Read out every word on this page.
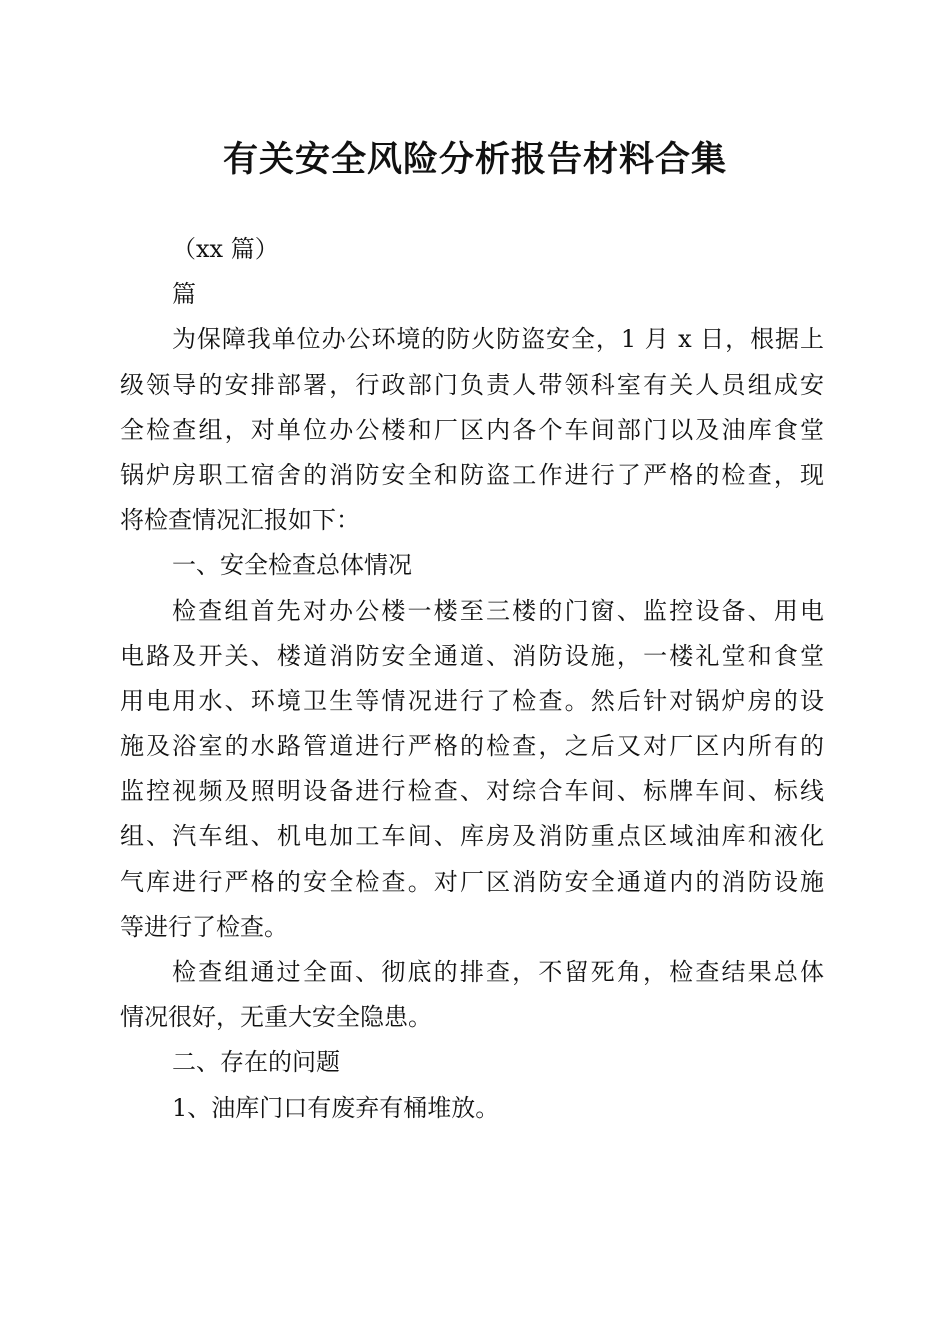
有关安全风险分析报告材料合集
（xx 篇）
篇
为保障我单位办公环境的防火防盗安全，1 月 x 日，根据上
级领导的安排部署，行政部门负责人带领科室有关人员组成安
全检查组，对单位办公楼和厂区内各个车间部门以及油库食堂
锅炉房职工宿舍的消防安全和防盗工作进行了严格的检查，现
将检查情况汇报如下：
一、安全检查总体情况
检查组首先对办公楼一楼至三楼的门窗、监控设备、用电
电路及开关、楼道消防安全通道、消防设施，一楼礼堂和食堂
用电用水、环境卫生等情况进行了检查。然后针对锅炉房的设
施及浴室的水路管道进行严格的检查，之后又对厂区内所有的
监控视频及照明设备进行检查、对综合车间、标牌车间、标线
组、汽车组、机电加工车间、库房及消防重点区域油库和液化
气库进行严格的安全检查。对厂区消防安全通道内的消防设施
等进行了检查。
检查组通过全面、彻底的排查，不留死角，检查结果总体
情况很好，无重大安全隐患。
二、存在的问题
1、油库门口有废弃有桶堆放。
